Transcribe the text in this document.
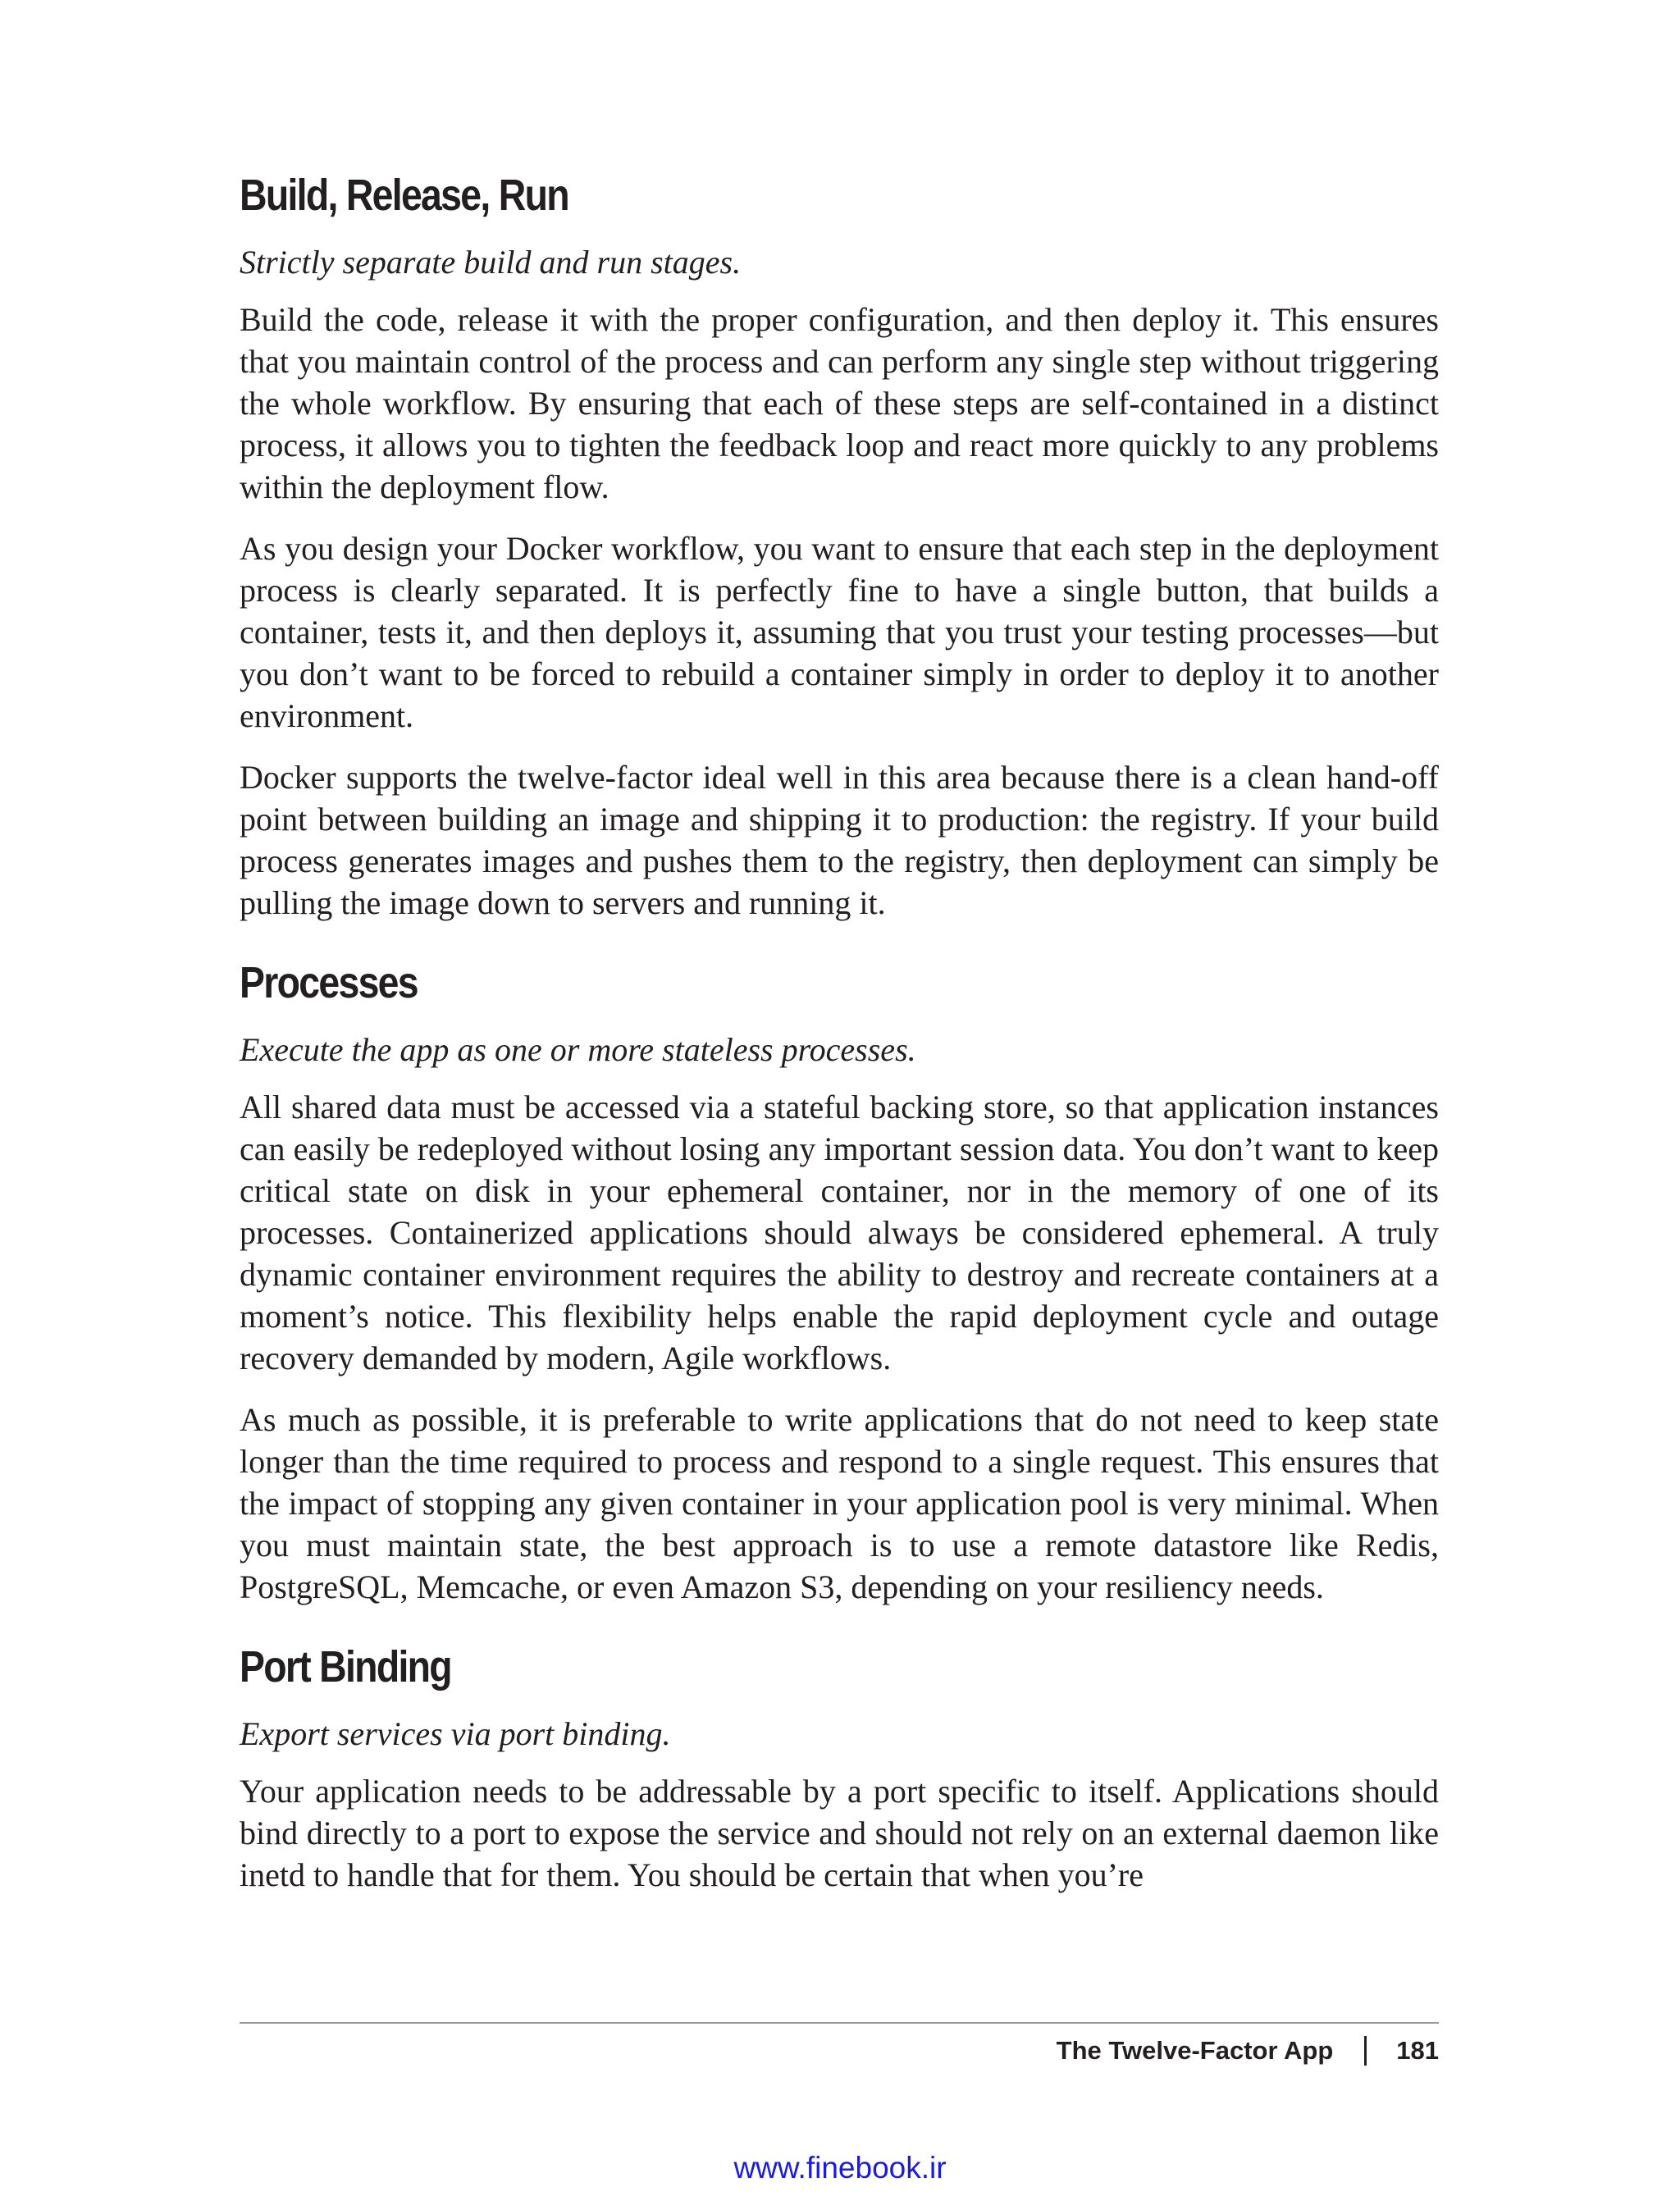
Build, Release, Run

Strictly separate build and run stages.

Build the code, release it with the proper configuration, and then deploy it. This ensures that you maintain control of the process and can perform any single step without triggering the whole workflow. By ensuring that each of these steps are self-contained in a distinct process, it allows you to tighten the feedback loop and react more quickly to any problems within the deployment flow.

As you design your Docker workflow, you want to ensure that each step in the deployment process is clearly separated. It is perfectly fine to have a single button, that builds a container, tests it, and then deploys it, assuming that you trust your testing processes—but you don’t want to be forced to rebuild a container simply in order to deploy it to another environment.

Docker supports the twelve-factor ideal well in this area because there is a clean hand-off point between building an image and shipping it to production: the registry. If your build process generates images and pushes them to the registry, then deployment can simply be pulling the image down to servers and running it.

Processes

Execute the app as one or more stateless processes.

All shared data must be accessed via a stateful backing store, so that application instances can easily be redeployed without losing any important session data. You don’t want to keep critical state on disk in your ephemeral container, nor in the memory of one of its processes. Containerized applications should always be considered ephemeral. A truly dynamic container environment requires the ability to destroy and recreate containers at a moment’s notice. This flexibility helps enable the rapid deployment cycle and outage recovery demanded by modern, Agile workflows.

As much as possible, it is preferable to write applications that do not need to keep state longer than the time required to process and respond to a single request. This ensures that the impact of stopping any given container in your application pool is very minimal. When you must maintain state, the best approach is to use a remote datastore like Redis, PostgreSQL, Memcache, or even Amazon S3, depending on your resiliency needs.

Port Binding

Export services via port binding.

Your application needs to be addressable by a port specific to itself. Applications should bind directly to a port to expose the service and should not rely on an external daemon like inetd to handle that for them. You should be certain that when you’re

The Twelve-Factor App 181
www.finebook.ir
